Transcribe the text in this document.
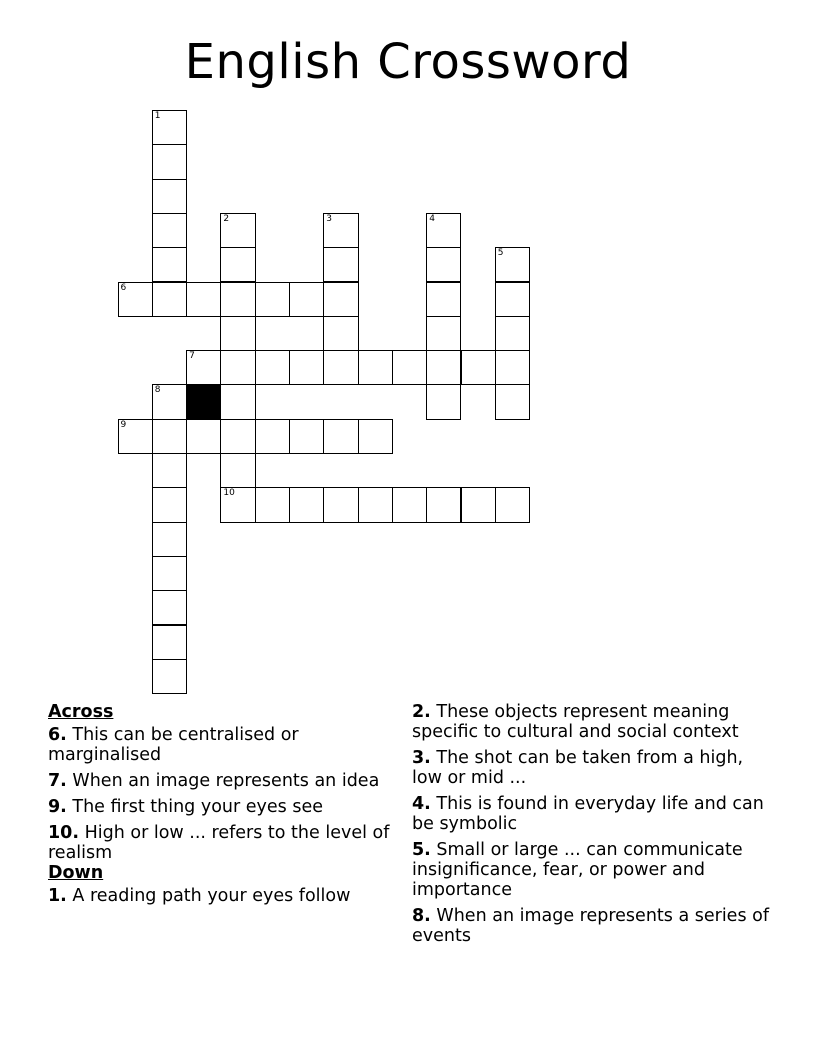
English Crossword
1
2	3	4
5
6
7
8
9
10

Across

6. This can be centralised or marginalised

7. When an image represents an idea

9. The first thing your eyes see

10. High or low ... refers to the level of realism

Down

1. A reading path your eyes follow

2. These objects represent meaning specific to cultural and social context

3. The shot can be taken from a high, low or mid ...

4. This is found in everyday life and can be symbolic

5. Small or large ... can communicate insignificance, fear, or power and importance

8. When an image represents a series of events
